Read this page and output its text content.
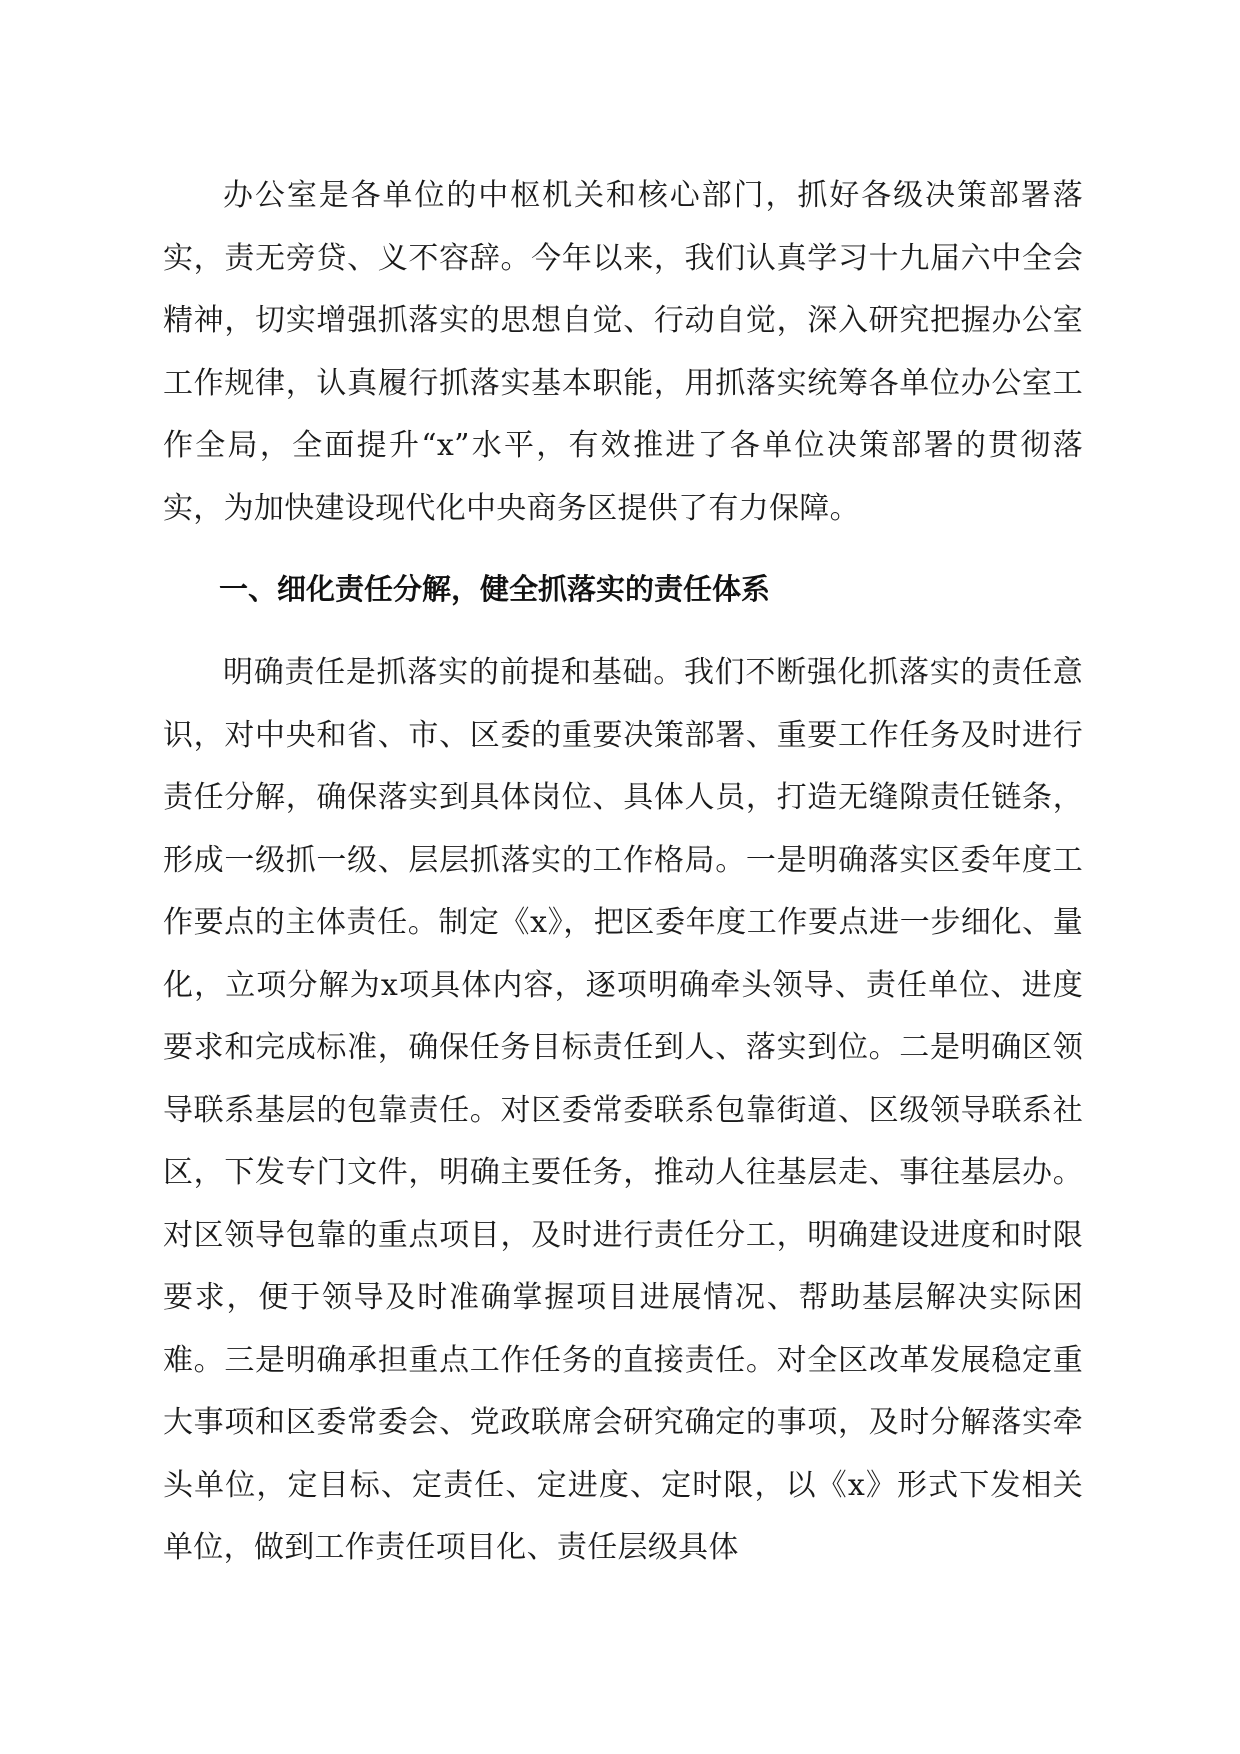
办公室是各单位的中枢机关和核心部门，抓好各级决策部署落实，责无旁贷、义不容辞。今年以来，我们认真学习十九届六中全会精神，切实增强抓落实的思想自觉、行动自觉，深入研究把握办公室工作规律，认真履行抓落实基本职能，用抓落实统筹各单位办公室工作全局，全面提升“x”水平，有效推进了各单位决策部署的贯彻落实，为加快建设现代化中央商务区提供了有力保障。

一、细化责任分解，健全抓落实的责任体系

明确责任是抓落实的前提和基础。我们不断强化抓落实的责任意识，对中央和省、市、区委的重要决策部署、重要工作任务及时进行责任分解，确保落实到具体岗位、具体人员，打造无缝隙责任链条，形成一级抓一级、层层抓落实的工作格局。一是明确落实区委年度工作要点的主体责任。制定《x》，把区委年度工作要点进一步细化、量化，立项分解为x项具体内容，逐项明确牵头领导、责任单位、进度要求和完成标准，确保任务目标责任到人、落实到位。二是明确区领导联系基层的包靠责任。对区委常委联系包靠街道、区级领导联系社区，下发专门文件，明确主要任务，推动人往基层走、事往基层办。对区领导包靠的重点项目，及时进行责任分工，明确建设进度和时限要求，便于领导及时准确掌握项目进展情况、帮助基层解决实际困难。三是明确承担重点工作任务的直接责任。对全区改革发展稳定重大事项和区委常委会、党政联席会研究确定的事项，及时分解落实牵头单位，定目标、定责任、定进度、定时限，以《x》形式下发相关单位，做到工作责任项目化、责任层级具体
